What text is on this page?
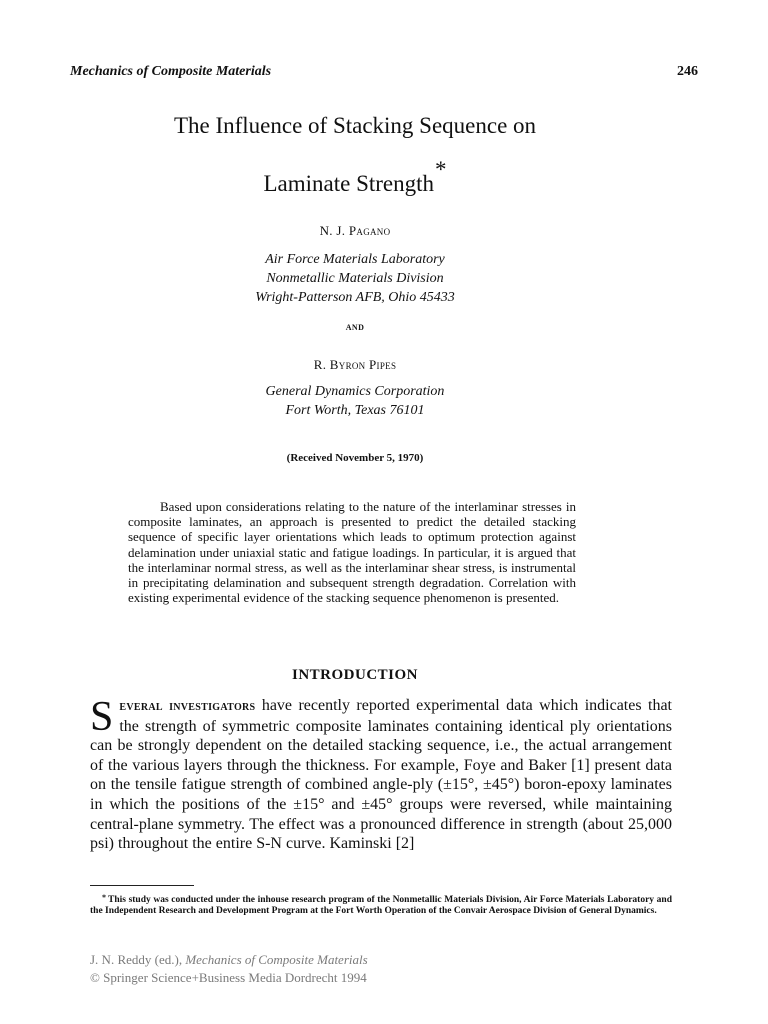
Mechanics of Composite Materials	246
The Influence of Stacking Sequence on
Laminate Strength*
N. J. Pagano
Air Force Materials Laboratory
Nonmetallic Materials Division
Wright-Patterson AFB, Ohio 45433
and
R. Byron Pipes
General Dynamics Corporation
Fort Worth, Texas 76101
(Received November 5, 1970)
Based upon considerations relating to the nature of the interlaminar stresses in composite laminates, an approach is presented to predict the detailed stacking sequence of specific layer orientations which leads to optimum protection against delamination under uniaxial static and fatigue loadings. In particular, it is argued that the interlaminar normal stress, as well as the interlaminar shear stress, is instrumental in precipitating delamination and subsequent strength degradation. Correlation with existing experimental evidence of the stacking sequence phenomenon is presented.
INTRODUCTION
Several investigators have recently reported experimental data which indicates that the strength of symmetric composite laminates containing identical ply orientations can be strongly dependent on the detailed stacking sequence, i.e., the actual arrangement of the various layers through the thickness. For example, Foye and Baker [1] present data on the tensile fatigue strength of combined angle-ply (±15°, ±45°) boron-epoxy laminates in which the positions of the ±15° and ±45° groups were reversed, while maintaining central-plane symmetry. The effect was a pronounced difference in strength (about 25,000 psi) throughout the entire S-N curve. Kaminski [2]
* This study was conducted under the inhouse research program of the Nonmetallic Materials Division, Air Force Materials Laboratory and the Independent Research and Development Program at the Fort Worth Operation of the Convair Aerospace Division of General Dynamics.
J. N. Reddy (ed.), Mechanics of Composite Materials
© Springer Science+Business Media Dordrecht 1994
